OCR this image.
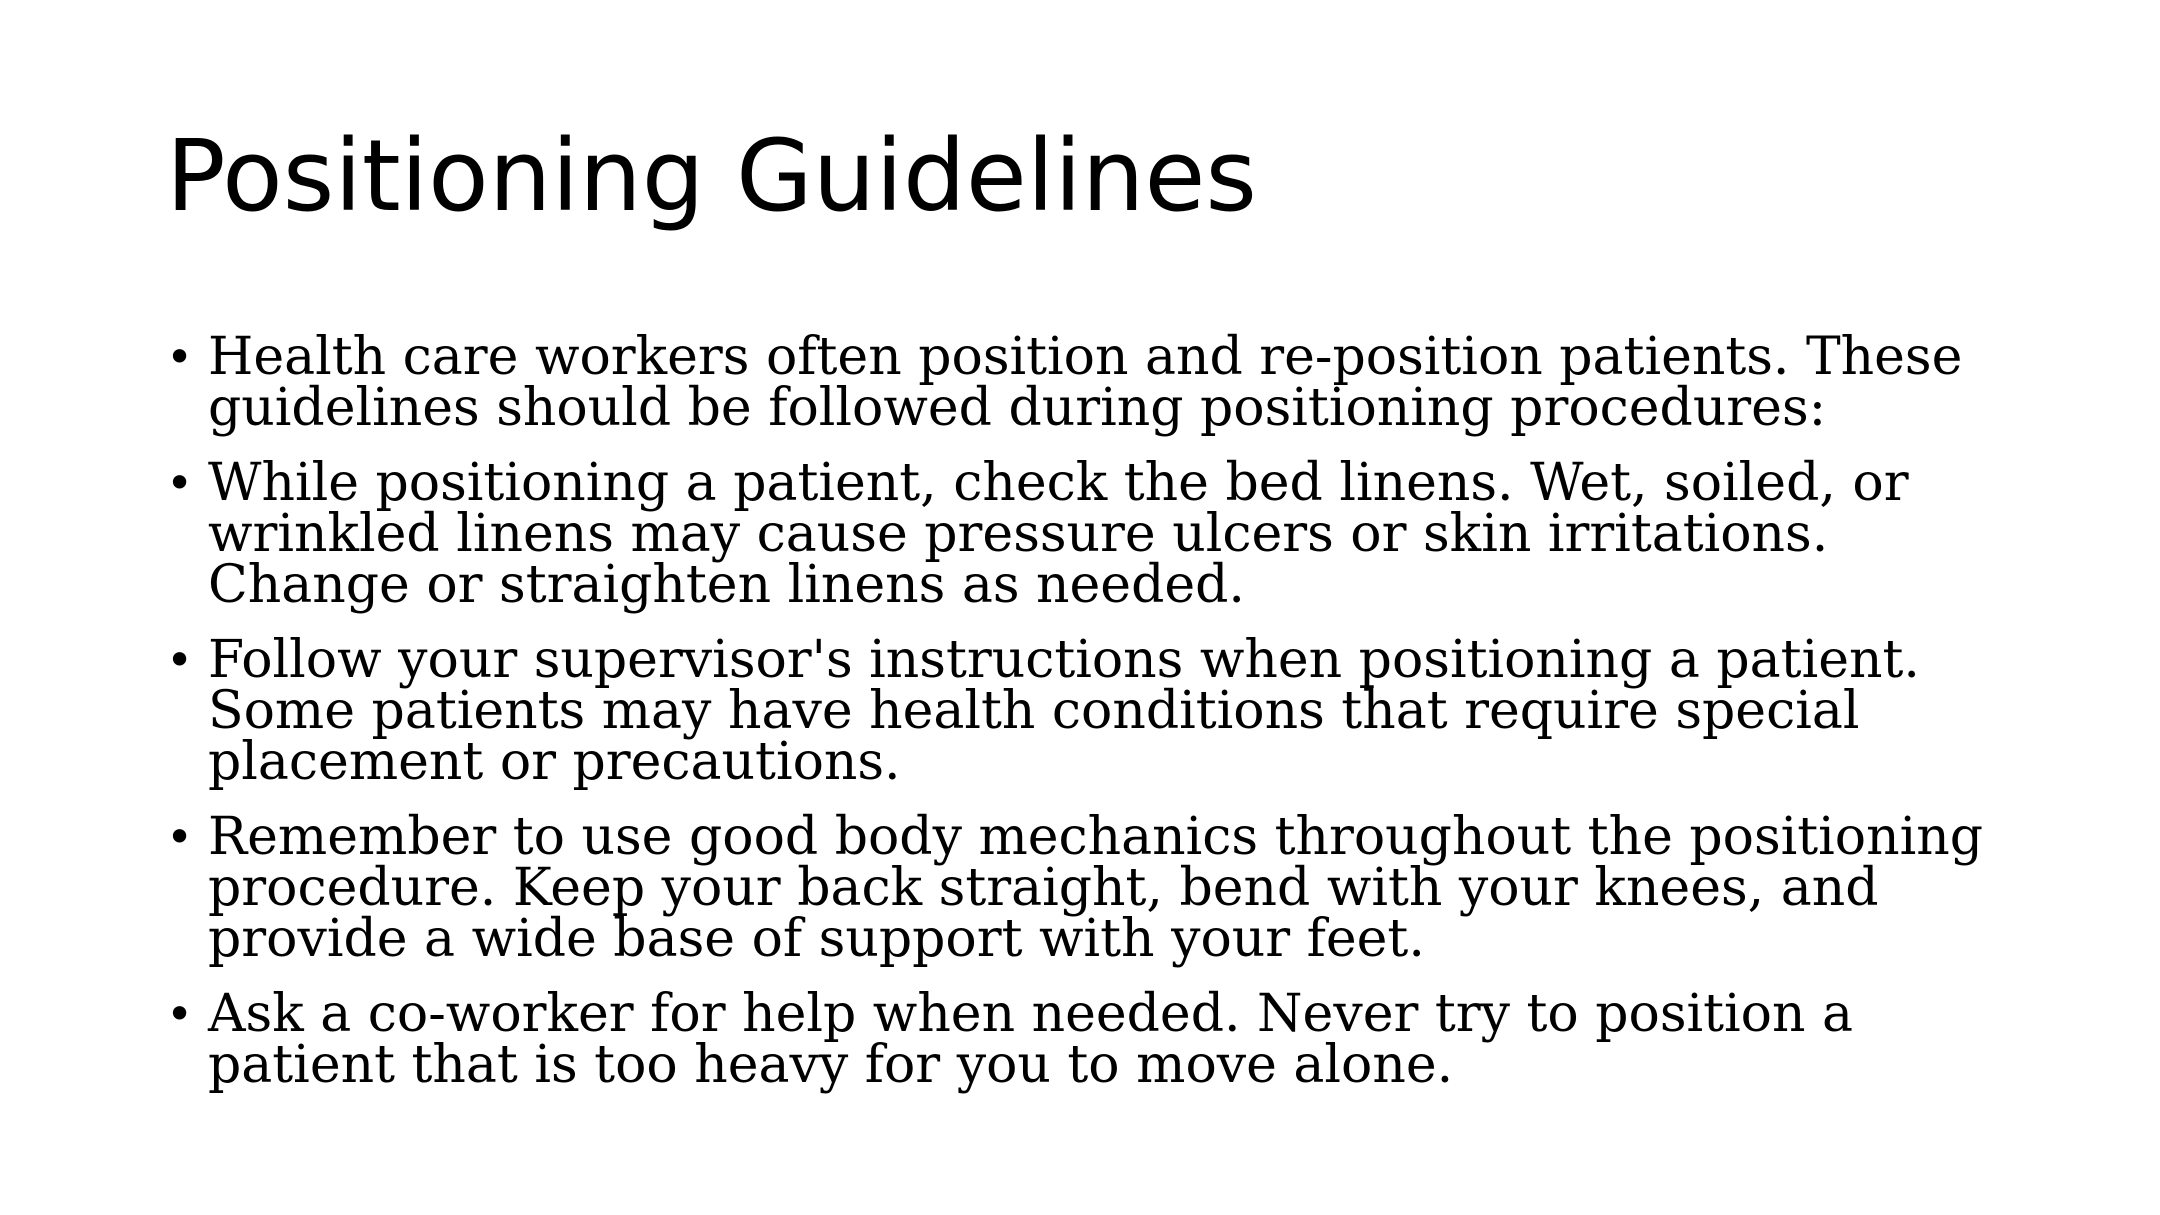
Positioning Guidelines
• Health care workers often position and re-position patients. These guidelines should be followed during positioning procedures:
• While positioning a patient, check the bed linens. Wet, soiled, or wrinkled linens may cause pressure ulcers or skin irritations. Change or straighten linens as needed.
• Follow your supervisor's instructions when positioning a patient. Some patients may have health conditions that require special placement or precautions.
• Remember to use good body mechanics throughout the positioning procedure. Keep your back straight, bend with your knees, and provide a wide base of support with your feet.
• Ask a co-worker for help when needed. Never try to position a patient that is too heavy for you to move alone.
